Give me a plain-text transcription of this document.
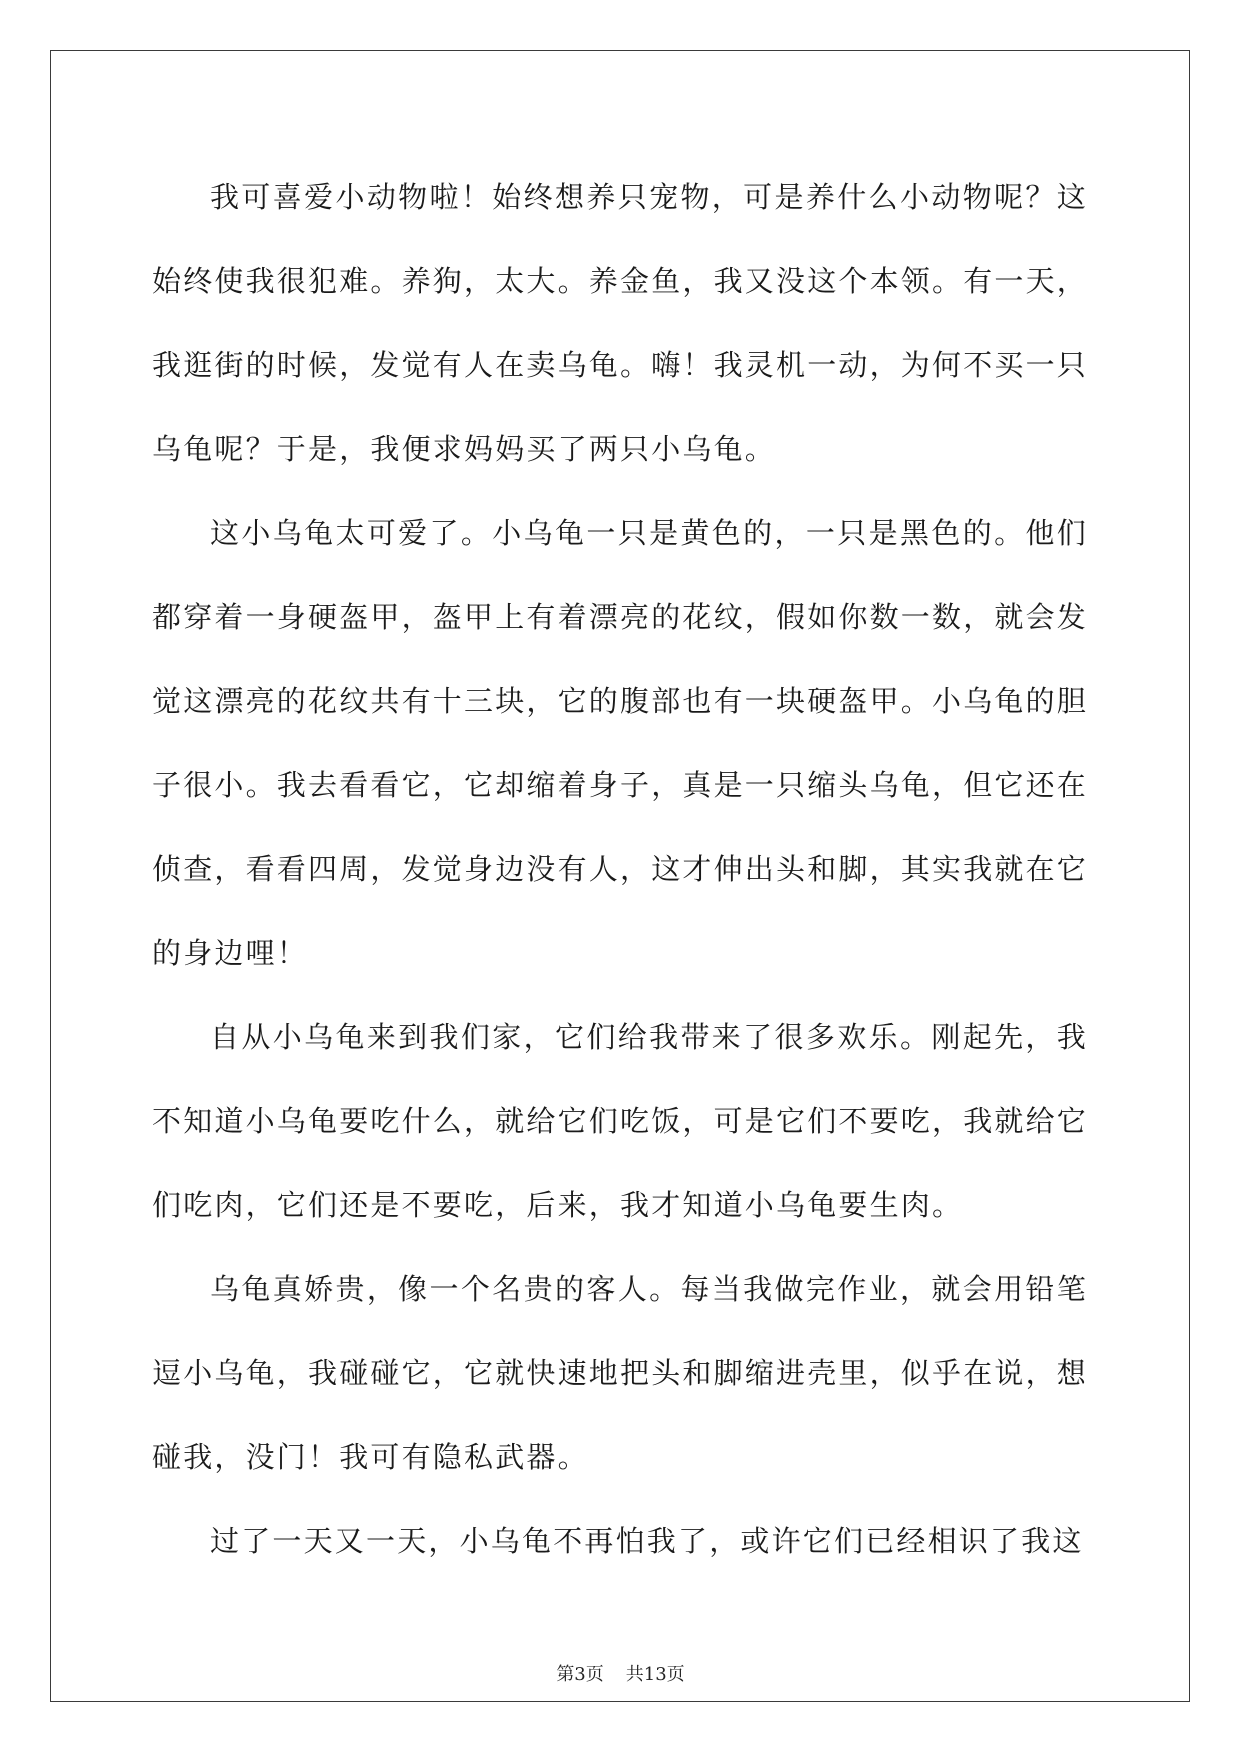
我可喜爱小动物啦！始终想养只宠物，可是养什么小动物呢？这始终使我很犯难。养狗，太大。养金鱼，我又没这个本领。有一天，我逛街的时候，发觉有人在卖乌龟。嗨！我灵机一动，为何不买一只乌龟呢？于是，我便求妈妈买了两只小乌龟。

这小乌龟太可爱了。小乌龟一只是黄色的，一只是黑色的。他们都穿着一身硬盔甲，盔甲上有着漂亮的花纹，假如你数一数，就会发觉这漂亮的花纹共有十三块，它的腹部也有一块硬盔甲。小乌龟的胆子很小。我去看看它，它却缩着身子，真是一只缩头乌龟，但它还在侦查，看看四周，发觉身边没有人，这才伸出头和脚，其实我就在它的身边哩！

自从小乌龟来到我们家，它们给我带来了很多欢乐。刚起先，我不知道小乌龟要吃什么，就给它们吃饭，可是它们不要吃，我就给它们吃肉，它们还是不要吃，后来，我才知道小乌龟要生肉。

乌龟真娇贵，像一个名贵的客人。每当我做完作业，就会用铅笔逗小乌龟，我碰碰它，它就快速地把头和脚缩进壳里，似乎在说，想碰我，没门！我可有隐私武器。

过了一天又一天，小乌龟不再怕我了，或许它们已经相识了我这

第3页 共13页
